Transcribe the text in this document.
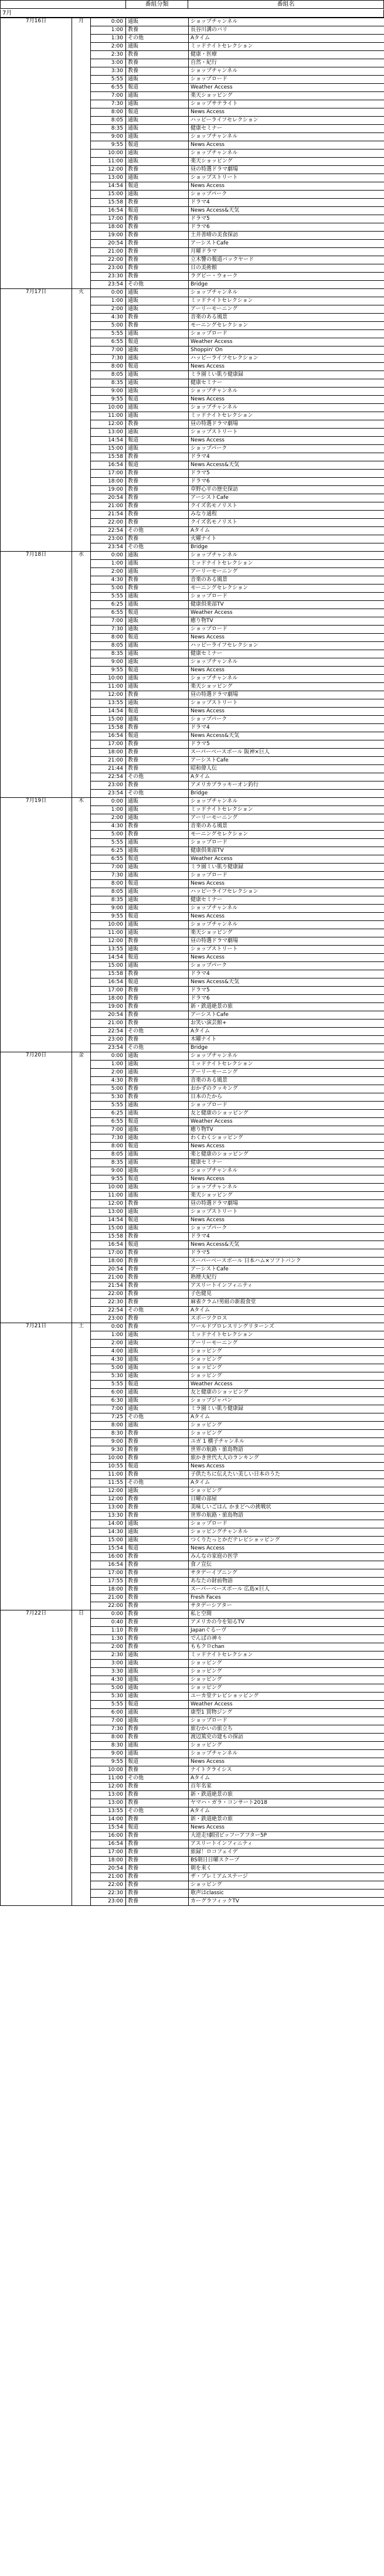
番組分類	番組名
7月
7月16日	月	0:00	通販	ショップチャンネル
		1:00	教養	長谷川溝のバリ
		1:30	その他	Aタイム
		2:00	通販	ミッドナイトセレクション
		2:30	教養	健康・医療
		3:00	教養	自然・紀行
		3:30	教養	ショップチャンネル
		5:55	通販	ショップロード
		6:55	報道	Weather Access
		7:00	通販	楽天ショッピング
		7:30	通販	ショップサテライト
		8:00	報道	News Access
		8:05	通販	ハッピーライフセレクション
		8:35	通販	健康セミナー
		9:00	通販	ショップチャンネル
		9:55	報道	News Access
		10:00	通販	ショップチャンネル
		11:00	通販	楽天ショッピング
		12:00	教養	昼の特選ドラマ劇場
		13:00	通販	ショップストリート
		14:54	報道	News Access
		15:00	通販	ショップパーク
		15:58	教養	ドラマ4
		16:54	報道	News Access&天気
		17:00	教養	ドラマ5
		18:00	教養	ドラマ6
		19:00	教養	土井善晴の美食探訪
		20:54	教養	アーシストCafe
		21:00	教養	月曜ドラマ
		22:00	教養	立木響の報道バックヤード
		23:00	教養	日の美術館
		23:30	教養	ラグビー・ウォーク
		23:54	その他	Bridge
7月17日	火	0:00	通販	ショップチャンネル
		1:00	通販	ミッドナイトセレクション
		2:00	通販	アーリーモーニング
		4:30	教養	音楽のある風景
		5:00	教養	モーニングセレクション
		5:55	通販	ショップロード
		6:55	報道	Weather Access
		7:00	通販	Shoppin' On
		7:30	通販	ハッピーライフセレクション
		8:00	報道	News Access
		8:05	通販	ミラ園ミい肌り健康録
		8:35	通販	健康セミナー
		9:00	通販	ショップチャンネル
		9:55	報道	News Access
		10:00	通販	ショップチャンネル
		11:00	通販	ミッドナイトセレクション
		12:00	教養	昼の特選ドラマ劇場
		13:00	通販	ショップストリート
		14:54	報道	News Access
		15:00	通販	ショップパーク
		15:58	教養	ドラマ4
		16:54	報道	News Access&天気
		17:00	教養	ドラマ5
		18:00	教養	ドラマ6
		19:00	教養	草野心平の歴史探訪
		20:54	教養	アーシストCafe
		21:00	教養	クイズ名モノリスト
		21:54	教養	みなり通程
		22:00	教養	クイズ名モノリスト
		22:54	その他	Aタイム
		23:00	教養	火曜ナイト
		23:54	その他	Bridge
7月18日	水	0:00	通販	ショップチャンネル
		1:00	通販	ミッドナイトセレクション
		2:00	通販	アーリーモーニング
		4:30	教養	音楽のある風景
		5:00	教養	モーニングセレクション
		5:55	通販	ショップロード
		6:25	通販	健康倶楽部TV
		6:55	報道	Weather Access
		7:00	通販	癒り物TV
		7:30	通販	ショップロード
		8:00	報道	News Access
		8:05	通販	ハッピーライフセレクション
		8:35	通販	健康セミナー
		9:00	通販	ショップチャンネル
		9:55	報道	News Access
		10:00	通販	ショップチャンネル
		11:00	通販	楽天ショッピング
		12:00	教養	昼の特選ドラマ劇場
		13:55	通販	ショップストリート
		14:54	報道	News Access
		15:00	通販	ショップパーク
		15:58	教養	ドラマ4
		16:54	報道	News Access&天気
		17:00	教養	ドラマ5
		18:00	教養	スーパーベースボール 阪神×巨人
		21:00	教養	アーシストCafe
		21:44	教養	昭和偉人伝
		22:54	その他	Aタイム
		23:00	教養	アメリカブラッキーオン釣行
		23:54	その他	Bridge
7月19日	木	0:00	通販	ショップチャンネル
		1:00	通販	ミッドナイトセレクション
		2:00	通販	アーリーモーニング
		4:30	教養	音楽のある風景
		5:00	教養	モーニングセレクション
		5:55	通販	ショップロード
		6:25	通販	健康倶楽部TV
		6:55	報道	Weather Access
		7:00	通販	ミラ園ミい肌り健康録
		7:30	通販	ショップロード
		8:00	報道	News Access
		8:05	通販	ハッピーライフセレクション
		8:35	通販	健康セミナー
		9:00	通販	ショップチャンネル
		9:55	報道	News Access
		10:00	通販	ショップチャンネル
		11:00	通販	楽天ショッピング
		12:00	教養	昼の特選ドラマ劇場
		13:55	通販	ショップストリート
		14:54	報道	News Access
		15:00	通販	ショップパーク
		15:58	教養	ドラマ4
		16:54	報道	News Access&天気
		17:00	教養	ドラマ5
		18:00	教養	ドラマ6
		19:00	教養	新・鉄道絶景の旅
		20:54	教養	アーシストCafe
		21:00	教養	お笑い演芸館+
		22:54	その他	Aタイム
		23:00	教養	木曜ナイト
		23:54	その他	Bridge
7月20日	金	0:00	通販	ショップチャンネル
		1:00	通販	ミッドナイトセレクション
		2:00	通販	アーリーモーニング
		4:30	教養	音楽のある風景
		5:00	教養	おかずのクッキング
		5:30	教養	日本のたから
		5:55	通販	ショップロード
		6:25	通販	友と健康のショッピング
		6:55	報道	Weather Access
		7:00	通販	癒り物TV
		7:30	通販	わくわくショッピング
		8:00	報道	News Access
		8:05	通販	楽と健康のショッピング
		8:35	通販	健康セミナー
		9:00	通販	ショップチャンネル
		9:55	報道	News Access
		10:00	通販	ショップチャンネル
		11:00	通販	楽天ショッピング
		12:00	教養	昼の特選ドラマ劇場
		13:00	通販	ショップストリート
		14:54	報道	News Access
		15:00	通販	ショップパーク
		15:58	教養	ドラマ4
		16:54	報道	News Access&天気
		17:00	教養	ドラマ5
		18:00	教養	スーパーベースボール 日本ハム×ソフトバンク
		20:54	教養	アーシストCafe
		21:00	教養	熟煙大紀行
		21:54	教養	アスリートインフィニティ
		22:00	教養	子色健見
		22:30	教養	麻雀クラム!男組の新殺食堂
		22:54	その他	Aタイム
		23:00	教養	スポーツクロス
7月21日	土	0:00	教養	ワールドプロレスリングリターンズ
		1:00	通販	ミッドナイトセレクション
		2:00	通販	アーリーモーニング
		4:00	通販	ショッピング
		4:30	通販	ショッピング
		5:00	通販	ショッピング
		5:30	通販	ショッピング
		5:55	報道	Weather Access
		6:00	通販	友と健康のショッピング
		6:30	通販	ショップジャパン
		7:00	通販	ミラ園ミい肌り健康録
		7:25	その他	Aタイム
		8:00	通販	ショッピング
		8:30	教養	ショッピング
		9:00	教養	ユガ 1 横子チャンネル
		9:30	教養	世界の航路・旅島物語
		10:00	教養	旅かき世代大人のランキング
		10:55	報道	News Access
		11:00	教養	子供たちに伝えたい美しい日本のうた
		11:55	その他	Aタイム
		12:00	通販	ショッピング
		12:00	教養	日曜の部屋
		13:00	教養	美味しいごはん かまどへの挑戦状
		13:30	教養	世界の航路・旅島物語
		14:00	通販	ショップロード
		14:30	通販	ショッピングチャンネル
		15:00	通販	つくりたっとかだテレビショッピング
		15:54	報道	News Access
		16:00	教養	みんなの家庭の医学
		16:54	教養	食ノ宣伝
		17:00	教養	サタデーイブニング
		17:55	教養	あなたの財前物語
		18:00	教養	スーパーベースボール 広島×巨人
		21:00	教養	Fresh Faces
		22:00	教養	サタデーシアター
7月22日	日	0:00	教養	私と空間
		0:40	教養	アメリカの今を知るTV
		1:10	教養	Japanぐるーヴ
		1:30	教養	でんぱの神々
		2:00	教養	ももクロchan
		2:30	通販	ミッドナイトセレクション
		3:00	通販	ショッピング
		3:30	通販	ショッピング
		4:30	通販	ショッピング
		5:00	通販	ショッピング
		5:30	通販	ユーカ堂テレビショッピング
		5:55	報道	Weather Access
		6:00	通販	康型1 買物ジング
		7:00	通販	ショップロード
		7:30	教養	旅むかいの旅立ち
		8:00	教養	渡辺篤史の建もの探訪
		8:30	通販	ショッピング
		9:00	通販	ショップチャンネル
		9:55	報道	News Access
		10:00	教養	ナイトクライシス
		11:00	その他	Aタイム
		12:00	教養	百年名家
		13:00	教養	新・鉄道絶景の旅
		13:00	教養	ヤマハ・ガラ・コンサート2018
		13:55	その他	Aタイム
		14:00	教養	新・鉄道絶景の旅
		15:54	報道	News Access
		16:00	教養	大逆走!劇団ピッフーアフター5P
		16:54	教養	アスリートインフィニティ
		17:00	教養	旅録！ロコフェイデ
		18:00	教養	BS朝日日曜スクープ
		20:54	教養	朝を来く
		21:00	教養	ザ・プレミアムステージ
		22:00	教養	ショッピング
		22:30	教養	歌声はclassic
		23:00	教養	カーグラフィックTV
